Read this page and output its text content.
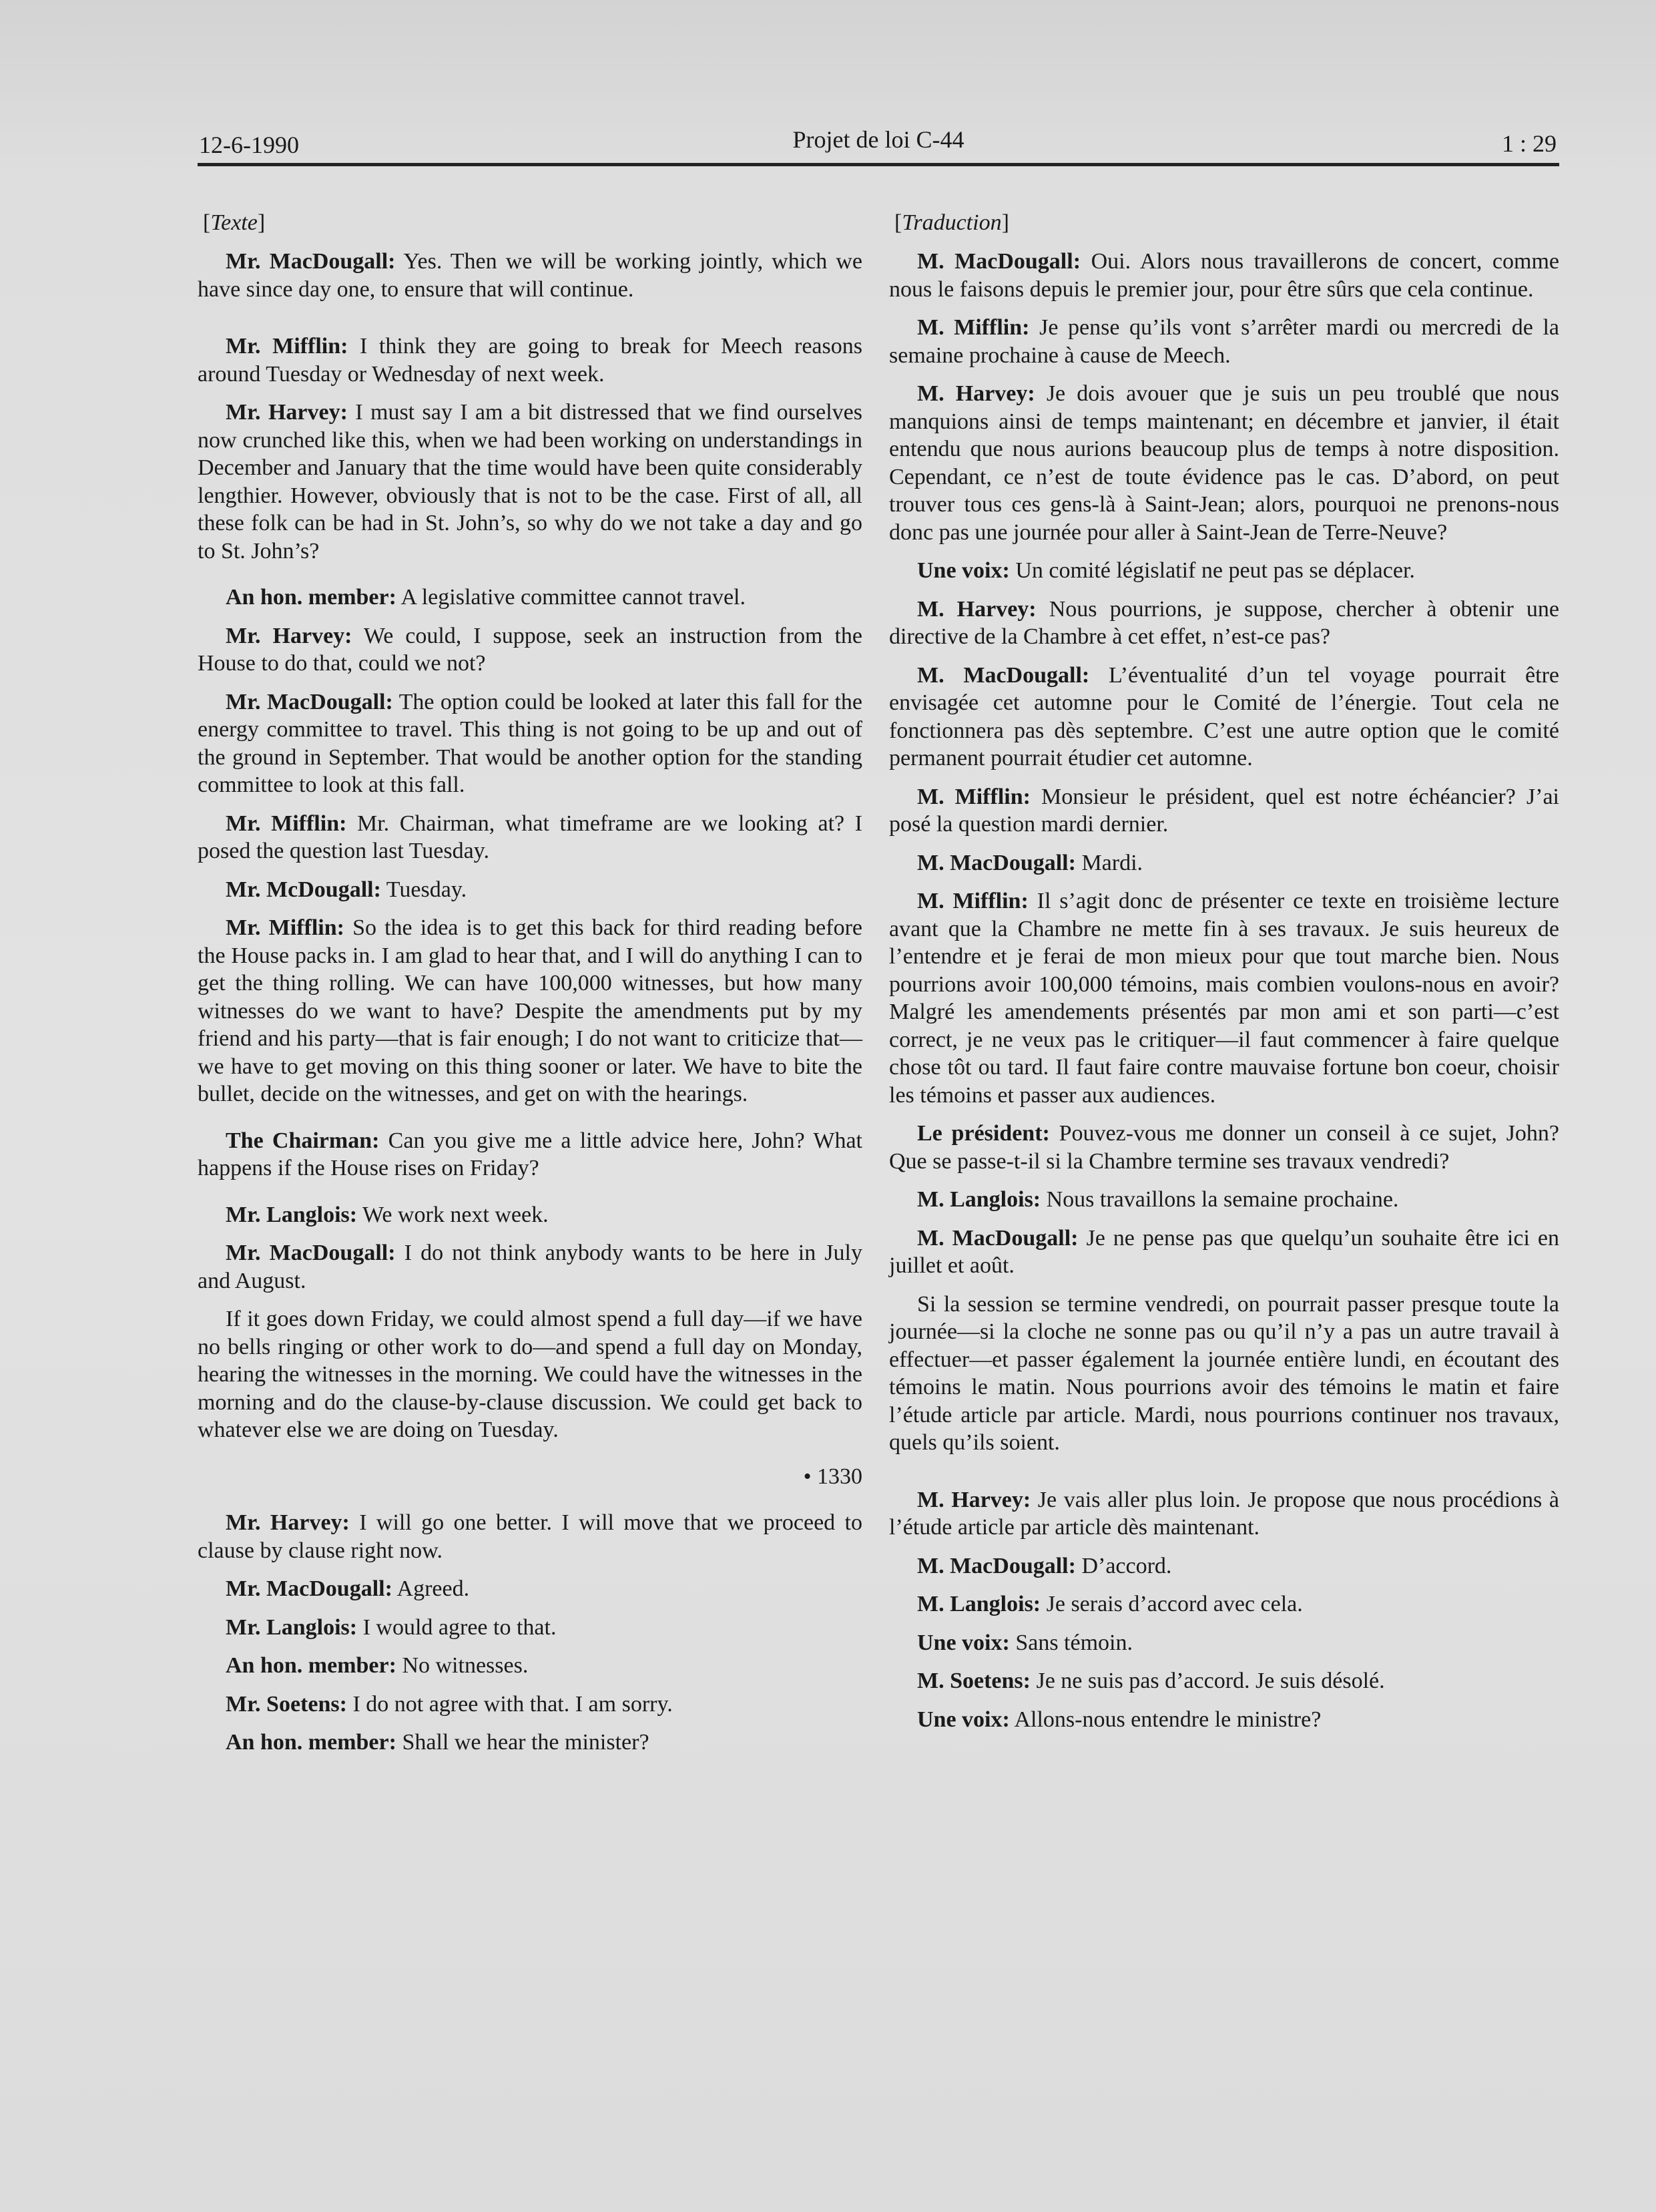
12-6-1990	Projet de loi C-44	1 : 29
[Texte]

Mr. MacDougall: Yes. Then we will be working jointly, which we have since day one, to ensure that will continue.

Mr. Mifflin: I think they are going to break for Meech reasons around Tuesday or Wednesday of next week.

Mr. Harvey: I must say I am a bit distressed that we find ourselves now crunched like this, when we had been working on understandings in December and January that the time would have been quite considerably lengthier. However, obviously that is not to be the case. First of all, all these folk can be had in St. John’s, so why do we not take a day and go to St. John’s?

An hon. member: A legislative committee cannot travel.

Mr. Harvey: We could, I suppose, seek an instruction from the House to do that, could we not?

Mr. MacDougall: The option could be looked at later this fall for the energy committee to travel. This thing is not going to be up and out of the ground in September. That would be another option for the standing committee to look at this fall.

Mr. Mifflin: Mr. Chairman, what timeframe are we looking at? I posed the question last Tuesday.

Mr. McDougall: Tuesday.

Mr. Mifflin: So the idea is to get this back for third reading before the House packs in. I am glad to hear that, and I will do anything I can to get the thing rolling. We can have 100,000 witnesses, but how many witnesses do we want to have? Despite the amendments put by my friend and his party—that is fair enough; I do not want to criticize that—we have to get moving on this thing sooner or later. We have to bite the bullet, decide on the witnesses, and get on with the hearings.

The Chairman: Can you give me a little advice here, John? What happens if the House rises on Friday?

Mr. Langlois: We work next week.

Mr. MacDougall: I do not think anybody wants to be here in July and August.

If it goes down Friday, we could almost spend a full day—if we have no bells ringing or other work to do—and spend a full day on Monday, hearing the witnesses in the morning. We could have the witnesses in the morning and do the clause-by-clause discussion. We could get back to whatever else we are doing on Tuesday.

• 1330

Mr. Harvey: I will go one better. I will move that we proceed to clause by clause right now.

Mr. MacDougall: Agreed.

Mr. Langlois: I would agree to that.

An hon. member: No witnesses.

Mr. Soetens: I do not agree with that. I am sorry.

An hon. member: Shall we hear the minister?

[Traduction]

M. MacDougall: Oui. Alors nous travaillerons de concert, comme nous le faisons depuis le premier jour, pour être sûrs que cela continue.

M. Mifflin: Je pense qu’ils vont s’arrêter mardi ou mercredi de la semaine prochaine à cause de Meech.

M. Harvey: Je dois avouer que je suis un peu troublé que nous manquions ainsi de temps maintenant; en décembre et janvier, il était entendu que nous aurions beaucoup plus de temps à notre disposition. Cependant, ce n’est de toute évidence pas le cas. D’abord, on peut trouver tous ces gens-là à Saint-Jean; alors, pourquoi ne prenons-nous donc pas une journée pour aller à Saint-Jean de Terre-Neuve?

Une voix: Un comité législatif ne peut pas se déplacer.

M. Harvey: Nous pourrions, je suppose, chercher à obtenir une directive de la Chambre à cet effet, n’est-ce pas?

M. MacDougall: L’éventualité d’un tel voyage pourrait être envisagée cet automne pour le Comité de l’énergie. Tout cela ne fonctionnera pas dès septembre. C’est une autre option que le comité permanent pourrait étudier cet automne.

M. Mifflin: Monsieur le président, quel est notre échéancier? J’ai posé la question mardi dernier.

M. MacDougall: Mardi.

M. Mifflin: Il s’agit donc de présenter ce texte en troisième lecture avant que la Chambre ne mette fin à ses travaux. Je suis heureux de l’entendre et je ferai de mon mieux pour que tout marche bien. Nous pourrions avoir 100,000 témoins, mais combien voulons-nous en avoir? Malgré les amendements présentés par mon ami et son parti—c’est correct, je ne veux pas le critiquer—il faut commencer à faire quelque chose tôt ou tard. Il faut faire contre mauvaise fortune bon coeur, choisir les témoins et passer aux audiences.

Le président: Pouvez-vous me donner un conseil à ce sujet, John? Que se passe-t-il si la Chambre termine ses travaux vendredi?

M. Langlois: Nous travaillons la semaine prochaine.

M. MacDougall: Je ne pense pas que quelqu’un souhaite être ici en juillet et août.

Si la session se termine vendredi, on pourrait passer presque toute la journée—si la cloche ne sonne pas ou qu’il n’y a pas un autre travail à effectuer—et passer également la journée entière lundi, en écoutant des témoins le matin. Nous pourrions avoir des témoins le matin et faire l’étude article par article. Mardi, nous pourrions continuer nos travaux, quels qu’ils soient.

M. Harvey: Je vais aller plus loin. Je propose que nous procédions à l’étude article par article dès maintenant.

M. MacDougall: D’accord.

M. Langlois: Je serais d’accord avec cela.

Une voix: Sans témoin.

M. Soetens: Je ne suis pas d’accord. Je suis désolé.

Une voix: Allons-nous entendre le ministre?
